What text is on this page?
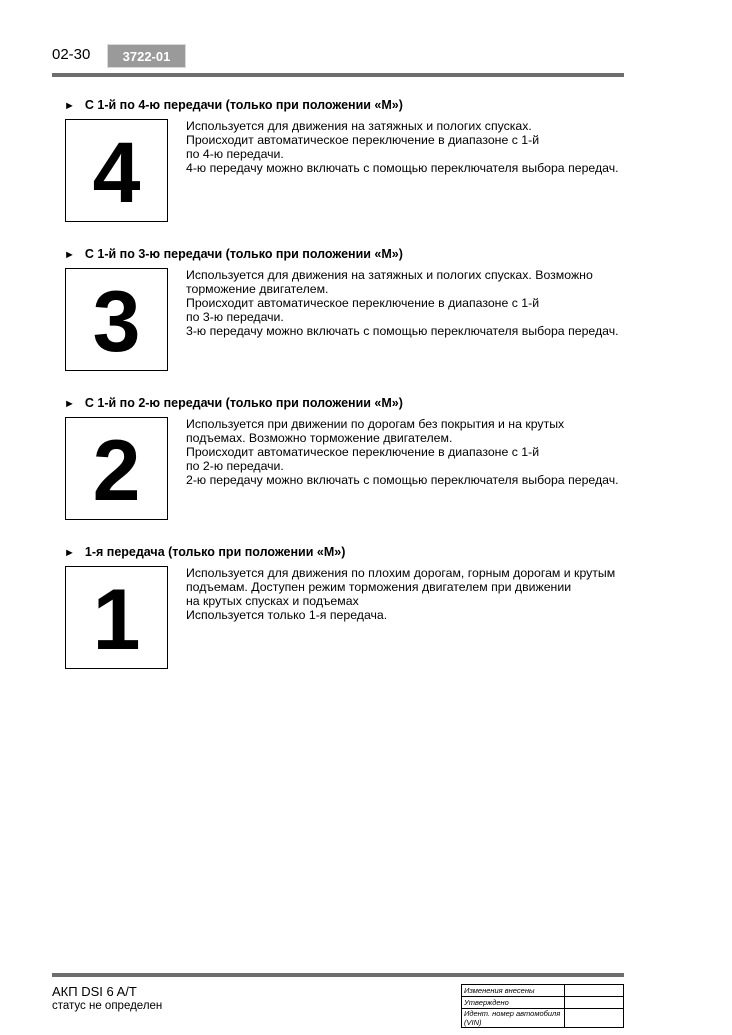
02-30	3722-01
► С 1-й по 4-ю передачи (только при положении «M»)
4	Используется для движения на затяжных и пологих спусках.
Происходит автоматическое переключение в диапазоне с 1-й
по 4-ю передачи.
4-ю передачу можно включать с помощью переключателя выбора передач.
► С 1-й по 3-ю передачи (только при положении «M»)
3	Используется для движения на затяжных и пологих спусках. Возможно
торможение двигателем.
Происходит автоматическое переключение в диапазоне с 1-й
по 3-ю передачи.
3-ю передачу можно включать с помощью переключателя выбора передач.
► С 1-й по 2-ю передачи (только при положении «M»)
2	Используется при движении по дорогам без покрытия и на крутых
подъемах. Возможно торможение двигателем.
Происходит автоматическое переключение в диапазоне с 1-й
по 2-ю передачи.
2-ю передачу можно включать с помощью переключателя выбора передач.
► 1-я передача (только при положении «M»)
1	Используется для движения по плохим дорогам, горным дорогам и крутым
подъемам. Доступен режим торможения двигателем при движении
на крутых спусках и подъемах
Используется только 1-я передача.
АКП DSI 6 A/T
статус не определен
Изменения внесены	
Утверждено	
Идент. номер автомобиля (VIN)	
